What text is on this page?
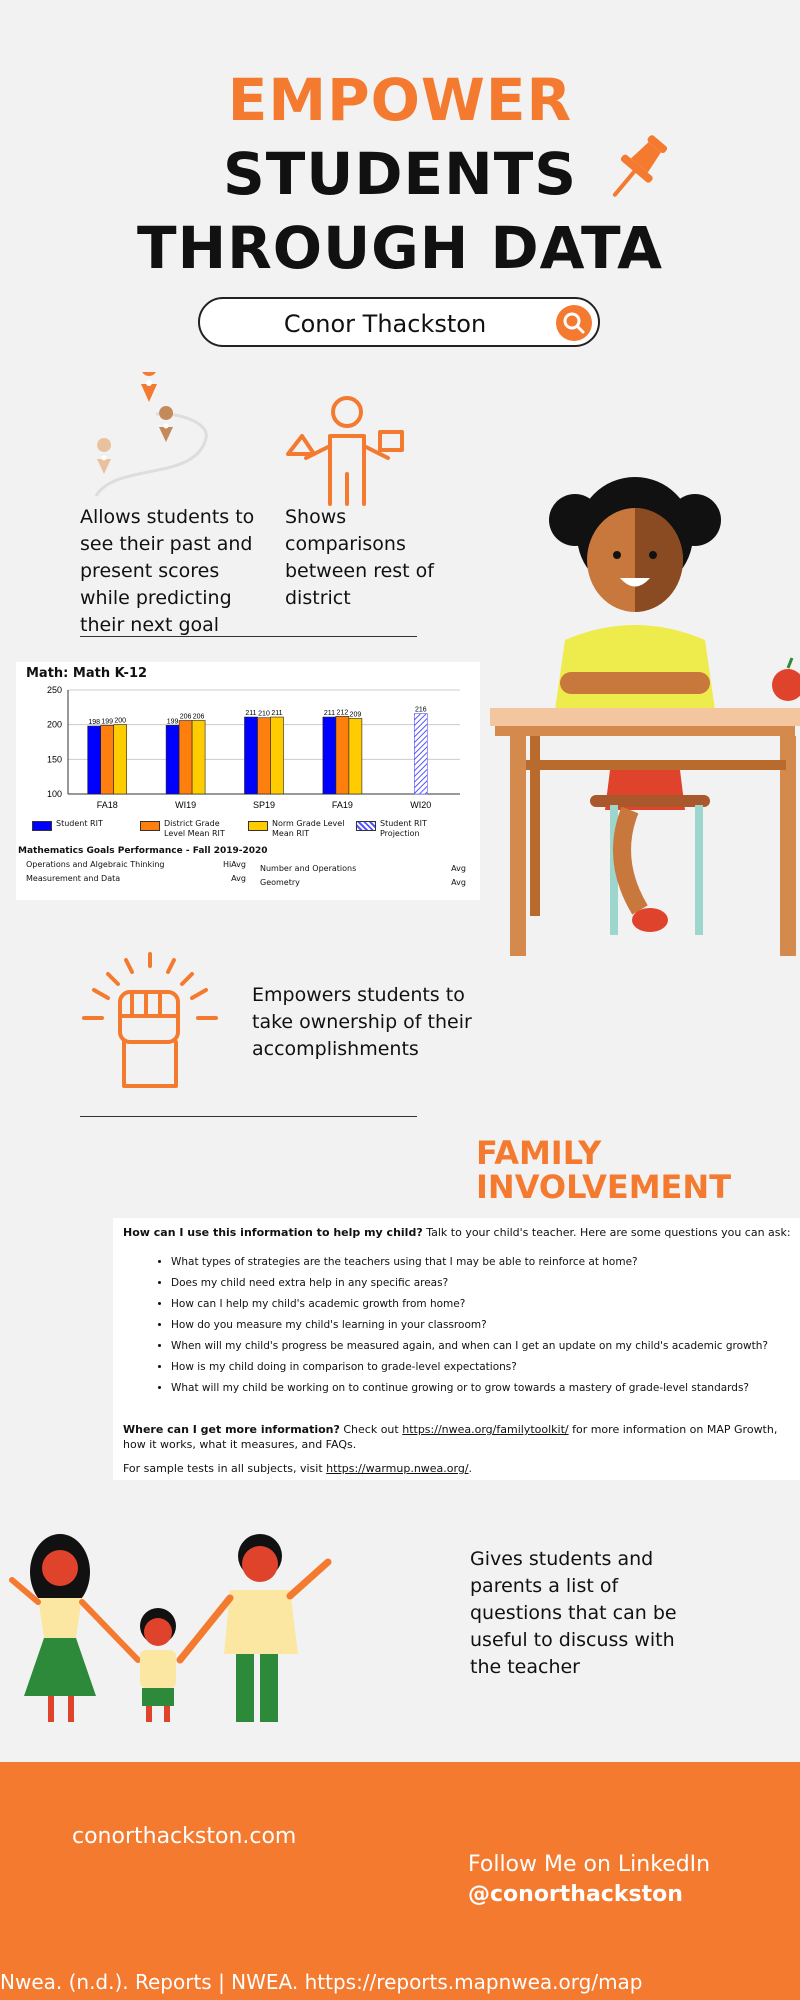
EMPOWER
STUDENTS
THROUGH DATA
Conor Thackston
Allows students to see their past and present scores while predicting their next goal
Shows comparisons between rest of district
Math: Math K-12
100
150
200
250
198 199 200
FA18
199
206 206
WI19
211 210 211
SP19
211 212 209
FA19
216
WI20
Student RIT	District Grade Level Mean RIT
Norm Grade Level Mean RIT
Student RIT Projection
Mathematics Goals Performance - Fall 2019-2020
Operations and Algebraic Thinking	HiAvg
Measurement and Data	Avg
Number and Operations	Avg
Geometry	Avg
Empowers students to take ownership of their accomplishments
FAMILY
INVOLVEMENT
How can I use this information to help my child? Talk to your child's teacher. Here are some questions you can ask:
• What types of strategies are the teachers using that I may be able to reinforce at home?
• Does my child need extra help in any specific areas?
• How can I help my child's academic growth from home?
• How do you measure my child's learning in your classroom?
• When will my child's progress be measured again, and when can I get an update on my child's academic growth?
• How is my child doing in comparison to grade-level expectations?
• What will my child be working on to continue growing or to grow towards a mastery of grade-level standards?
Where can I get more information? Check out https://nwea.org/familytoolkit/ for more information on MAP Growth, how it works, what it measures, and FAQs.
For sample tests in all subjects, visit https://warmup.nwea.org/.
Gives students and parents a list of questions that can be useful to discuss with the teacher
conorthackston.com
Follow Me on LinkedIn
@conorthackston
Nwea. (n.d.). Reports | NWEA. https://reports.mapnwea.org/map
